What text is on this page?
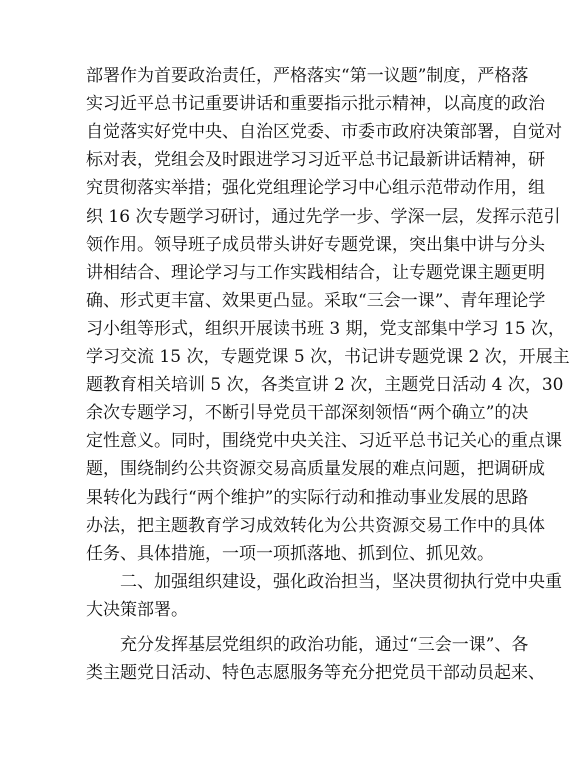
部署作为首要政治责任，严格落实“第一议题”制度，严格落
实习近平总书记重要讲话和重要指示批示精神，以高度的政治
自觉落实好党中央、自治区党委、市委市政府决策部署，自觉对
标对表，党组会及时跟进学习习近平总书记最新讲话精神，研
究贯彻落实举措；强化党组理论学习中心组示范带动作用，组
织 16 次专题学习研讨，通过先学一步、学深一层，发挥示范引
领作用。领导班子成员带头讲好专题党课，突出集中讲与分头
讲相结合、理论学习与工作实践相结合，让专题党课主题更明
确、形式更丰富、效果更凸显。采取“三会一课”、青年理论学
习小组等形式，组织开展读书班 3 期，党支部集中学习 15 次，
学习交流 15 次，专题党课 5 次，书记讲专题党课 2 次，开展主
题教育相关培训 5 次，各类宣讲 2 次，主题党日活动 4 次，30
余次专题学习，不断引导党员干部深刻领悟“两个确立”的决
定性意义。同时，围绕党中央关注、习近平总书记关心的重点课
题，围绕制约公共资源交易高质量发展的难点问题，把调研成
果转化为践行“两个维护”的实际行动和推动事业发展的思路
办法，把主题教育学习成效转化为公共资源交易工作中的具体
任务、具体措施，一项一项抓落地、抓到位、抓见效。
二、加强组织建设，强化政治担当，坚决贯彻执行党中央重
大决策部署。
充分发挥基层党组织的政治功能，通过“三会一课”、各
类主题党日活动、特色志愿服务等充分把党员干部动员起来、
